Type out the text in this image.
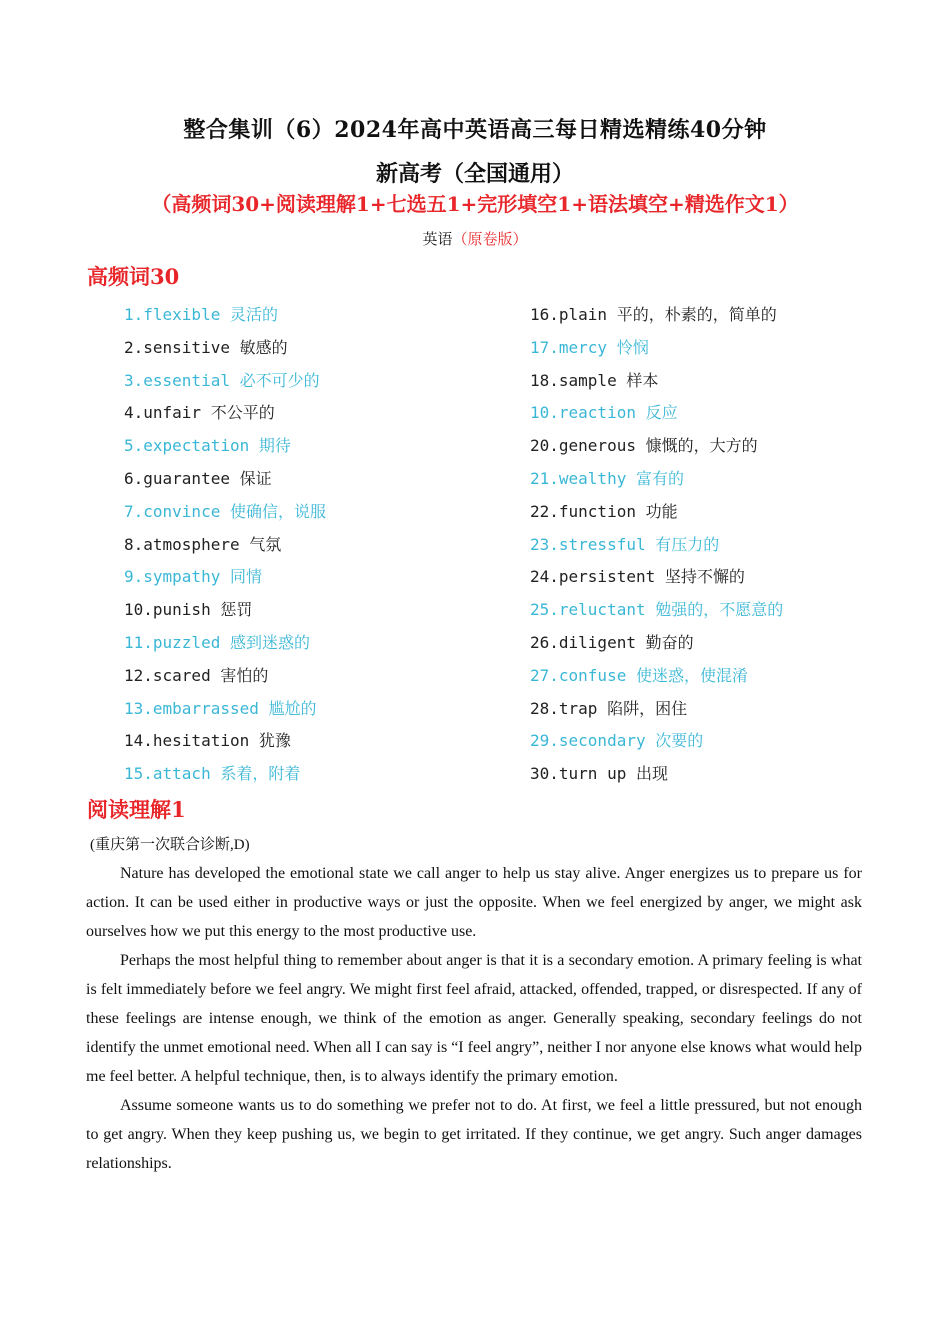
整合集训（6）2024年高中英语高三每日精选精练40分钟
新高考（全国通用）
（高频词30+阅读理解1+七选五1+完形填空1+语法填空+精选作文1）
英语（原卷版）
高频词30
1.flexible 灵活的
2.sensitive 敏感的
3.essential 必不可少的
4.unfair 不公平的
5.expectation 期待
6.guarantee 保证
7.convince 使确信，说服
8.atmosphere 气氛
9.sympathy 同情
10.punish 惩罚
11.puzzled 感到迷惑的
12.scared 害怕的
13.embarrassed 尴尬的
14.hesitation 犹豫
15.attach 系着，附着
16.plain 平的，朴素的，简单的
17.mercy 怜悯
18.sample 样本
10.reaction 反应
20.generous 慷慨的，大方的
21.wealthy 富有的
22.function 功能
23.stressful 有压力的
24.persistent 坚持不懈的
25.reluctant 勉强的，不愿意的
26.diligent 勤奋的
27.confuse 使迷惑，使混淆
28.trap 陷阱，困住
29.secondary 次要的
30.turn up 出现
阅读理解1
(重庆第一次联合诊断,D)

Nature has developed the emotional state we call anger to help us stay alive. Anger energizes us to prepare us for action. It can be used either in productive ways or just the opposite. When we feel energized by anger, we might ask ourselves how we put this energy to the most productive use.

Perhaps the most helpful thing to remember about anger is that it is a secondary emotion. A primary feeling is what is felt immediately before we feel angry. We might first feel afraid, attacked, offended, trapped, or disrespected. If any of these feelings are intense enough, we think of the emotion as anger. Generally speaking, secondary feelings do not identify the unmet emotional need. When all I can say is “I feel angry”, neither I nor anyone else knows what would help me feel better. A helpful technique, then, is to always identify the primary emotion.

Assume someone wants us to do something we prefer not to do. At first, we feel a little pressured, but not enough to get angry. When they keep pushing us, we begin to get irritated. If they continue, we get angry. Such anger damages relationships.
